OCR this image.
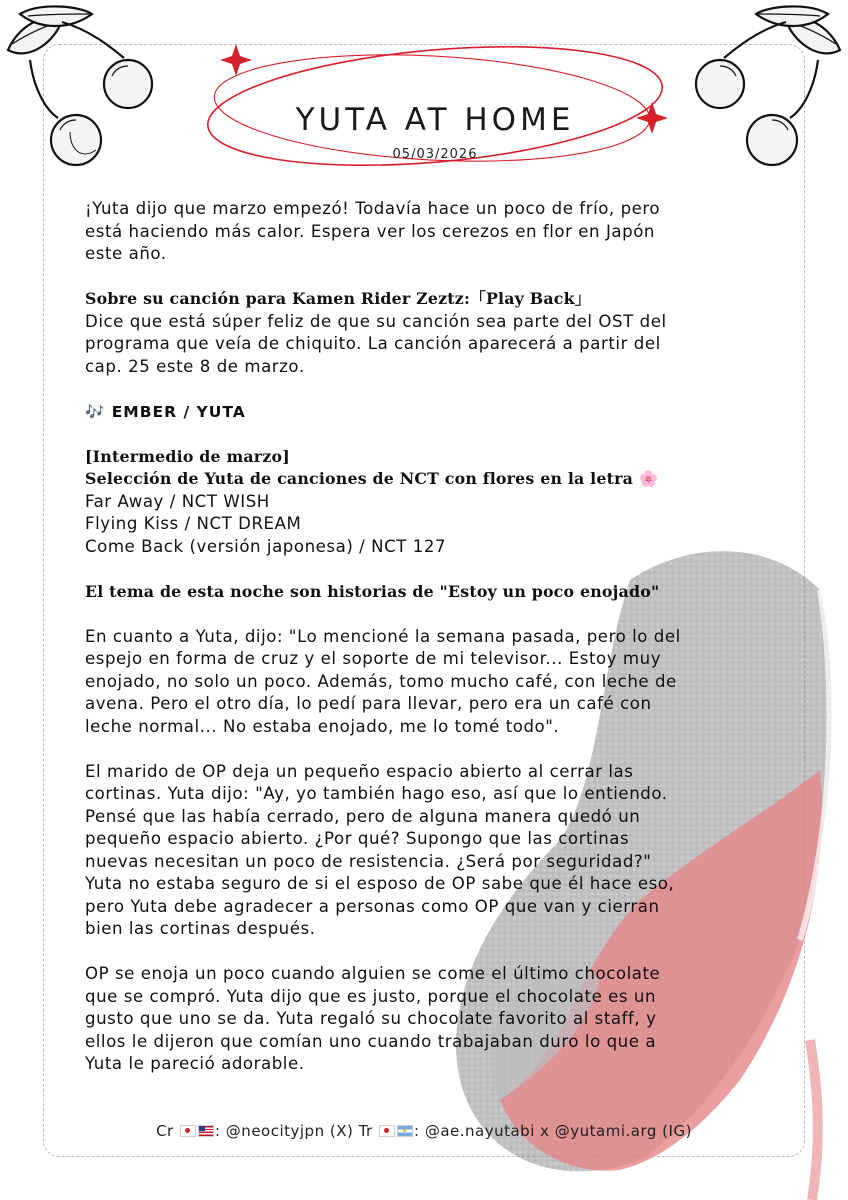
YUTA AT HOME
05/03/2026

¡Yuta dijo que marzo empezó! Todavía hace un poco de frío, pero

está haciendo más calor. Espera ver los cerezos en flor en Japón

este año.

Sobre su canción para Kamen Rider Zeztz:「Play Back」

Dice que está súper feliz de que su canción sea parte del OST del

programa que veía de chiquito. La canción aparecerá a partir del

cap. 25 este 8 de marzo.

🎶 EMBER / YUTA

[Intermedio de marzo]

Selección de Yuta de canciones de NCT con flores en la letra 🌸

Far Away / NCT WISH

Flying Kiss / NCT DREAM

Come Back (versión japonesa) / NCT 127

El tema de esta noche son historias de "Estoy un poco enojado"

En cuanto a Yuta, dijo: "Lo mencioné la semana pasada, pero lo del

espejo en forma de cruz y el soporte de mi televisor... Estoy muy

enojado, no solo un poco. Además, tomo mucho café, con leche de

avena. Pero el otro día, lo pedí para llevar, pero era un café con

leche normal... No estaba enojado, me lo tomé todo".

El marido de OP deja un pequeño espacio abierto al cerrar las

cortinas. Yuta dijo: "Ay, yo también hago eso, así que lo entiendo.

Pensé que las había cerrado, pero de alguna manera quedó un

pequeño espacio abierto. ¿Por qué? Supongo que las cortinas

nuevas necesitan un poco de resistencia. ¿Será por seguridad?"

Yuta no estaba seguro de si el esposo de OP sabe que él hace eso,

pero Yuta debe agradecer a personas como OP que van y cierran

bien las cortinas después.

OP se enoja un poco cuando alguien se come el último chocolate

que se compró. Yuta dijo que es justo, porque el chocolate es un

gusto que uno se da. Yuta regaló su chocolate favorito al staff, y

ellos le dijeron que comían uno cuando trabajaban duro lo que a

Yuta le pareció adorable.

Cr	: @neocityjpn (X) Tr	: @ae.nayutabi x @yutami.arg (IG)
